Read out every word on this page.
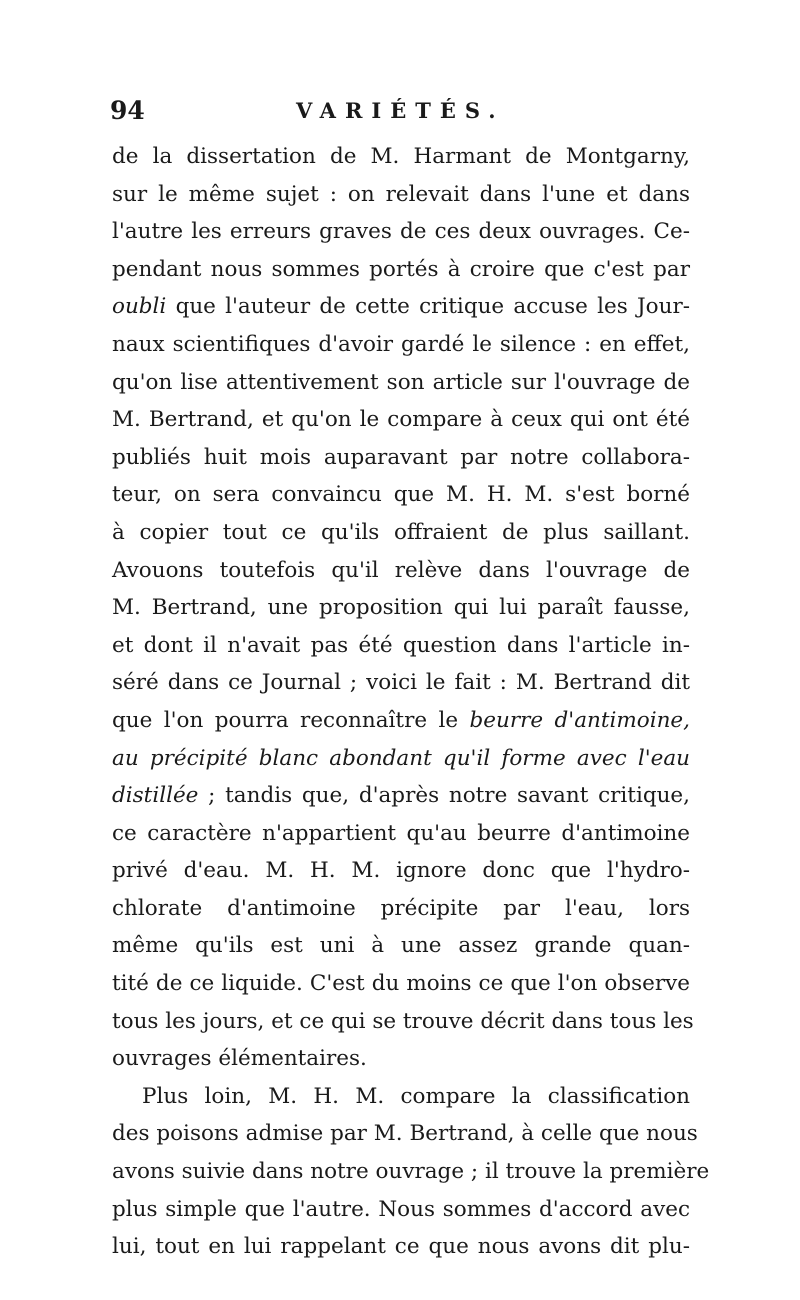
94	VARIÉTÉS.
de la dissertation de M. Harmant de Montgarny,
sur le même sujet : on relevait dans l'une et dans
l'autre les erreurs graves de ces deux ouvrages. Ce-
pendant nous sommes portés à croire que c'est par
oubli que l'auteur de cette critique accuse les Jour-
naux scientifiques d'avoir gardé le silence : en effet,
qu'on lise attentivement son article sur l'ouvrage de
M. Bertrand, et qu'on le compare à ceux qui ont été
publiés huit mois auparavant par notre collabora-
teur, on sera convaincu que M. H. M. s'est borné
à copier tout ce qu'ils offraient de plus saillant.
Avouons toutefois qu'il relève dans l'ouvrage de
M. Bertrand, une proposition qui lui paraît fausse,
et dont il n'avait pas été question dans l'article in-
séré dans ce Journal ; voici le fait : M. Bertrand dit
que l'on pourra reconnaître le beurre d'antimoine,
au précipité blanc abondant qu'il forme avec l'eau
distillée ; tandis que, d'après notre savant critique,
ce caractère n'appartient qu'au beurre d'antimoine
privé d'eau. M. H. M. ignore donc que l'hydro-
chlorate d'antimoine précipite par l'eau, lors
même qu'ils est uni à une assez grande quan-
tité de ce liquide. C'est du moins ce que l'on observe
tous les jours, et ce qui se trouve décrit dans tous les
ouvrages élémentaires.
Plus loin, M. H. M. compare la classification
des poisons admise par M. Bertrand, à celle que nous
avons suivie dans notre ouvrage ; il trouve la première
plus simple que l'autre. Nous sommes d'accord avec
lui, tout en lui rappelant ce que nous avons dit plu-
